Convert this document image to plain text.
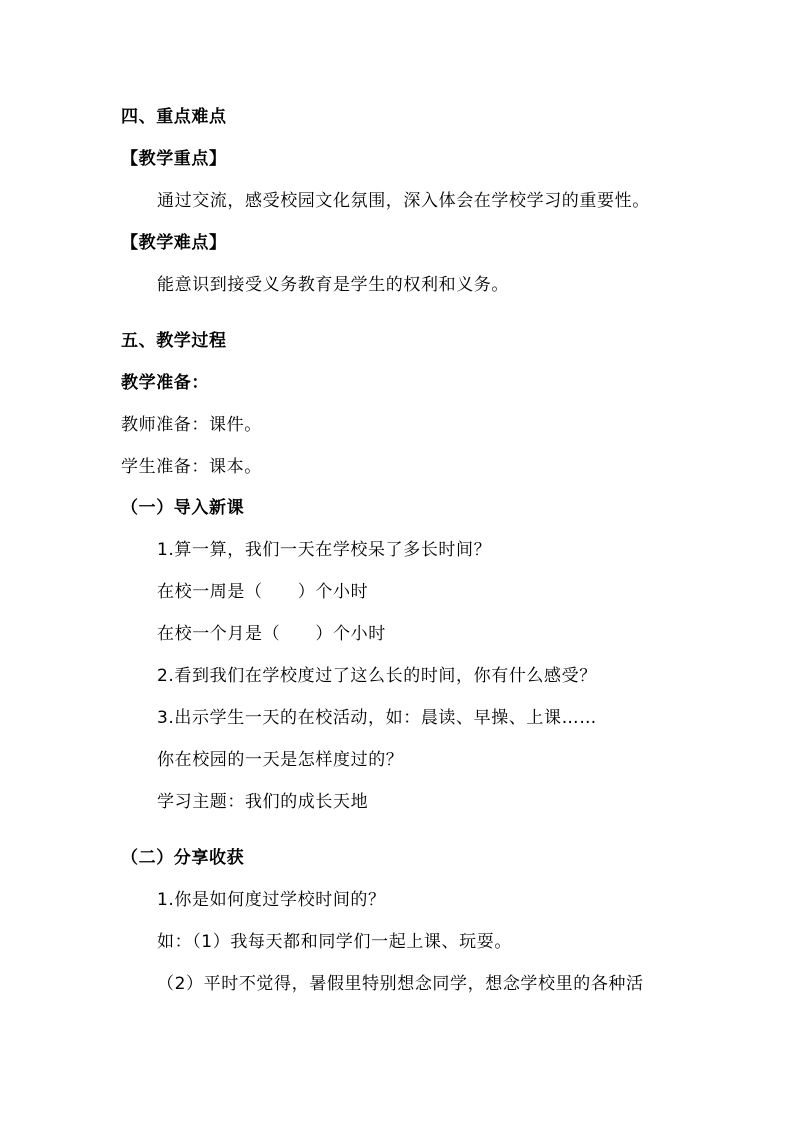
四、重点难点
【教学重点】
通过交流，感受校园文化氛围，深入体会在学校学习的重要性。
【教学难点】
能意识到接受义务教育是学生的权利和义务。
五、教学过程
教学准备：
教师准备：课件。
学生准备：课本。
（一）导入新课
1.算一算，我们一天在学校呆了多长时间？
在校一周是（　　）个小时
在校一个月是（　　）个小时
2.看到我们在学校度过了这么长的时间，你有什么感受？
3.出示学生一天的在校活动，如：晨读、早操、上课……
你在校园的一天是怎样度过的？
学习主题：我们的成长天地
（二）分享收获
1.你是如何度过学校时间的？
如：（1）我每天都和同学们一起上课、玩耍。
（2）平时不觉得，暑假里特别想念同学，想念学校里的各种活
